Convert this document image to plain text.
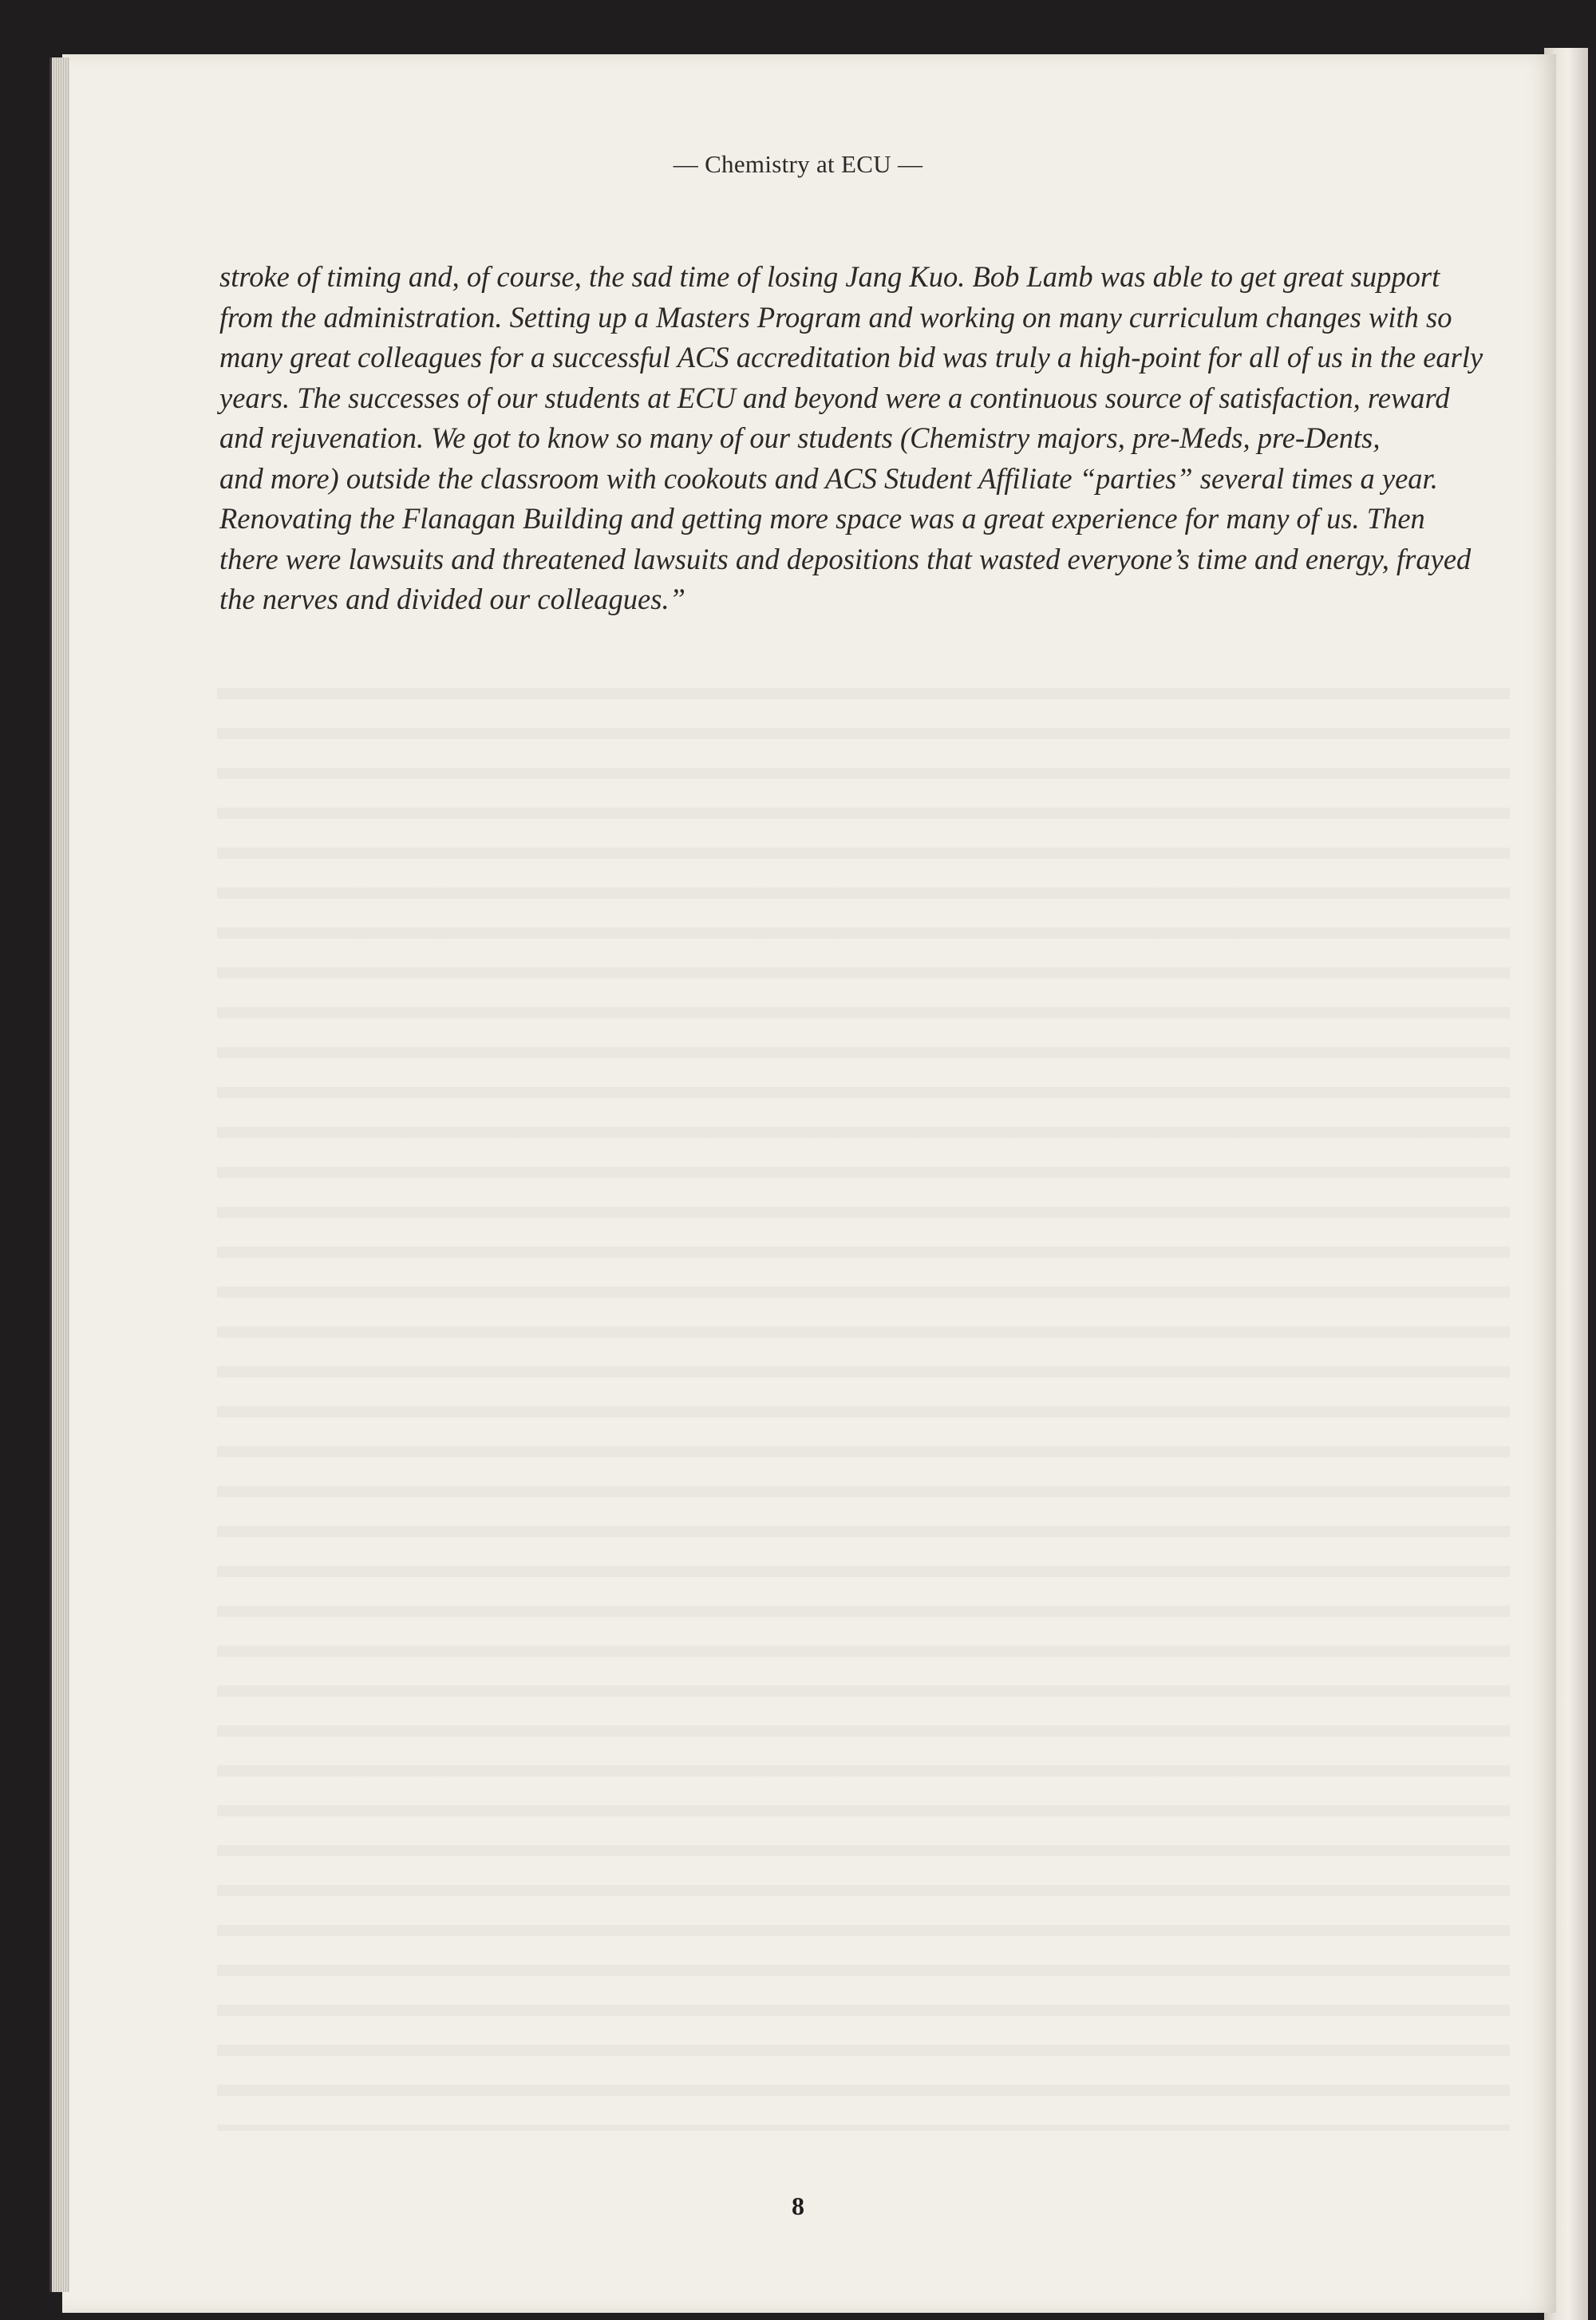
— Chemistry at ECU —

stroke of timing and, of course, the sad time of losing Jang Kuo. Bob Lamb was able to get great support
from the administration. Setting up a Masters Program and working on many curriculum changes with so
many great colleagues for a successful ACS accreditation bid was truly a high-point for all of us in the early
years. The successes of our students at ECU and beyond were a continuous source of satisfaction, reward
and rejuvenation. We got to know so many of our students (Chemistry majors, pre-Meds, pre-Dents,
and more) outside the classroom with cookouts and ACS Student Affiliate “parties” several times a year.
Renovating the Flanagan Building and getting more space was a great experience for many of us. Then
there were lawsuits and threatened lawsuits and depositions that wasted everyone’s time and energy, frayed
the nerves and divided our colleagues.”

8
